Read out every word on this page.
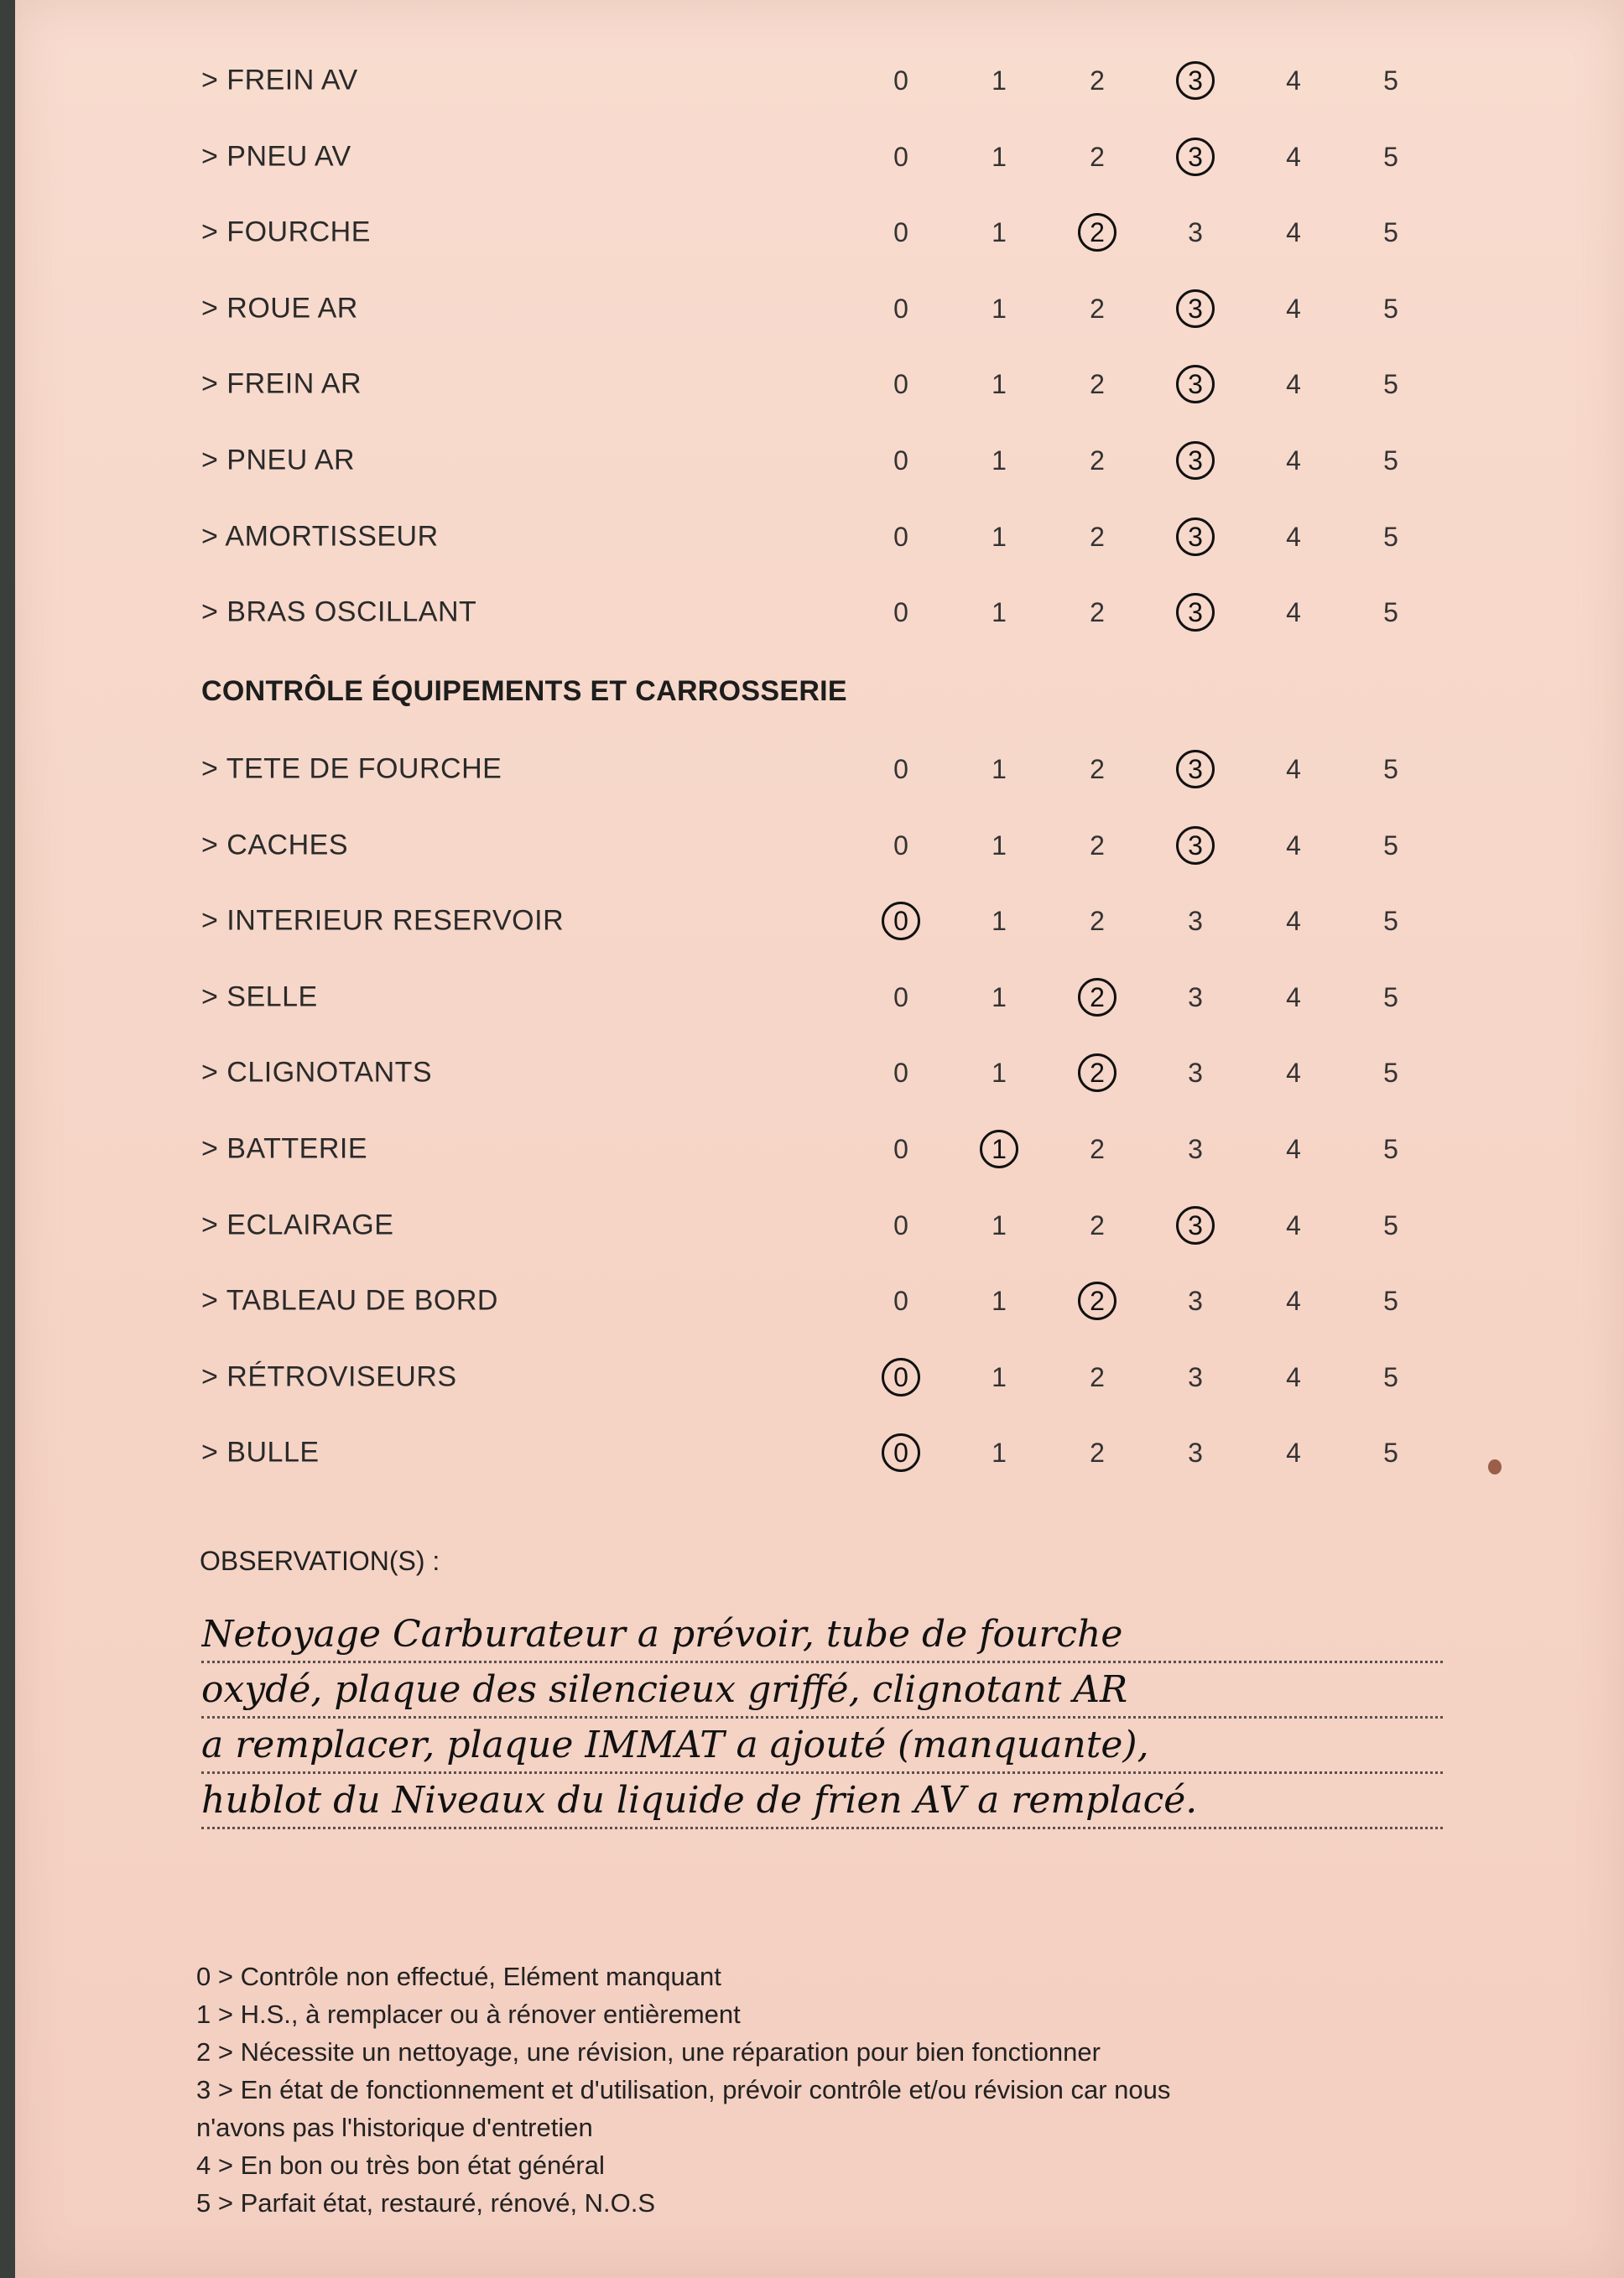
> FREIN AV	0	1	2	3	4	5
> PNEU AV	0	1	2	3	4	5
> FOURCHE	0	1	2	3	4	5
> ROUE AR	0	1	2	3	4	5
> FREIN AR	0	1	2	3	4	5
> PNEU AR	0	1	2	3	4	5
> AMORTISSEUR	0	1	2	3	4	5
> BRAS OSCILLANT	0	1	2	3	4	5
> TETE DE FOURCHE	0	1	2	3	4	5
> CACHES	0	1	2	3	4	5
> INTERIEUR RESERVOIR	0	1	2	3	4	5
> SELLE	0	1	2	3	4	5
> CLIGNOTANTS	0	1	2	3	4	5
> BATTERIE	0	1	2	3	4	5
> ECLAIRAGE	0	1	2	3	4	5
> TABLEAU DE BORD	0	1	2	3	4	5
> RÉTROVISEURS	0	1	2	3	4	5
> BULLE	0	1	2	3	4	5
CONTRÔLE ÉQUIPEMENTS ET CARROSSERIE
OBSERVATION(S) :
Netoyage Carburateur a prévoir, tube de fourche
oxydé, plaque des silencieux griffé, clignotant AR
a remplacer, plaque IMMAT a ajouté (manquante),
hublot du Niveaux du liquide de frien AV a remplacé.
0 > Contrôle non effectué, Elément manquant
1 > H.S., à remplacer ou à rénover entièrement
2 > Nécessite un nettoyage, une révision, une réparation pour bien fonctionner
3 > En état de fonctionnement et d'utilisation, prévoir contrôle et/ou révision car nous
n'avons pas l'historique d'entretien
4 > En bon ou très bon état général
5 > Parfait état, restauré, rénové, N.O.S
